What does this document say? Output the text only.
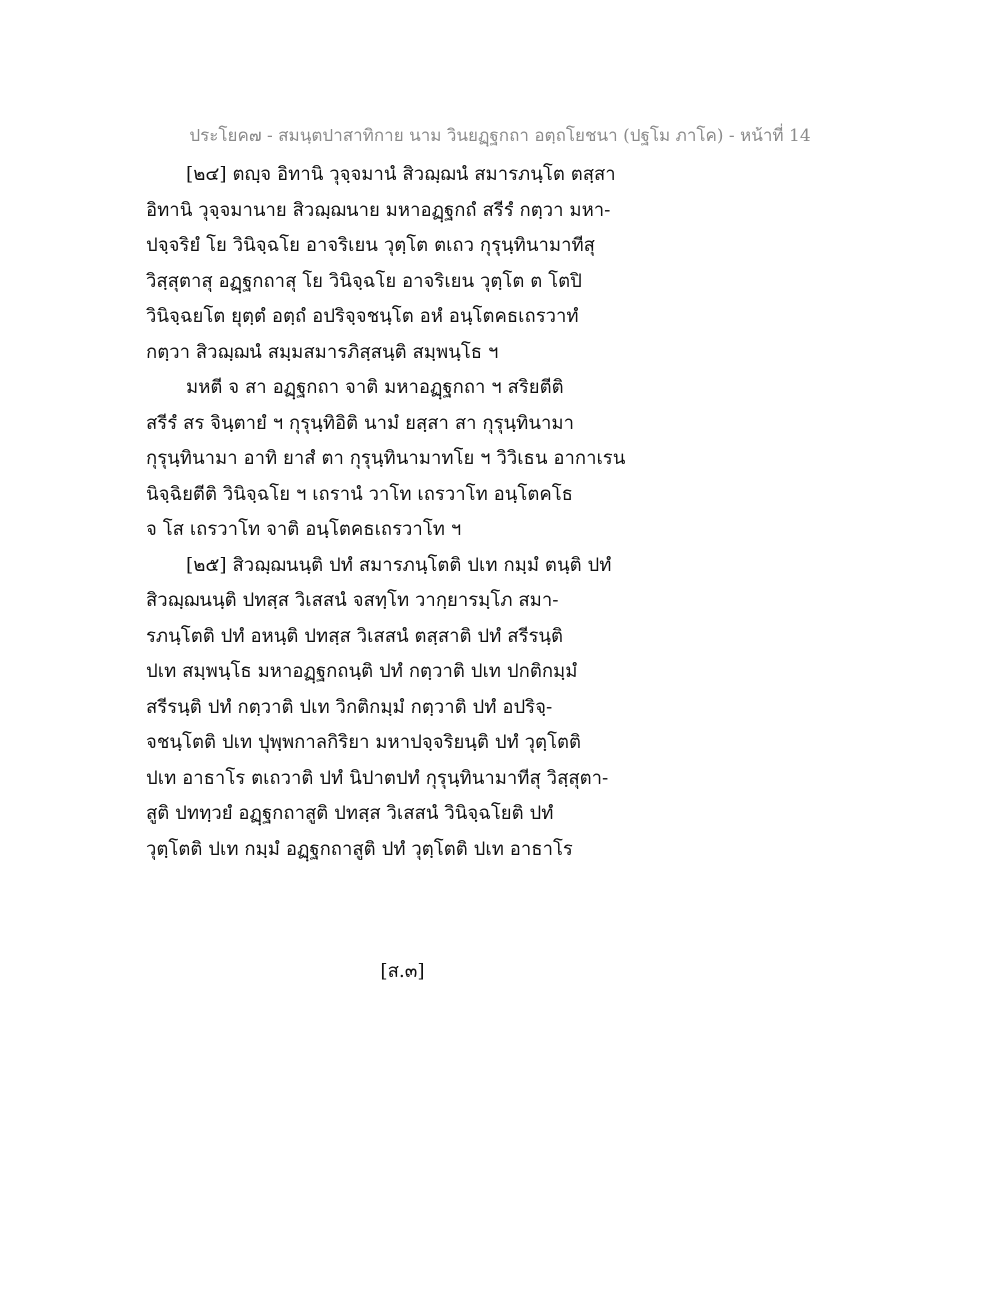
ประโยค๗ - สมนฺตปาสาทิกาย นาม วินยฏฺฐกถา อตฺถโยชนา (ปฐโม ภาโค) - หน้าที่ 14
[๒๔] ตญฺจ อิทานิ วุจฺจมานํ สิวฌฺฌนํ สมารภนฺโต ตสฺสา
อิทานิ วุจฺจมานาย สิวฌฺฌนาย มหาอฏฺฐกถํ สรีรํ กตฺวา มหา-
ปจฺจริยํ โย วินิจฺฉโย อาจริเยน วุตฺโต ตเถว กุรุนฺทินามาทีสุ
วิสฺสุตาสุ อฏฺฐกถาสุ โย วินิจฺฉโย อาจริเยน วุตฺโต ต โตปิ
วินิจฺฉยโต ยุตฺตํ อตฺถํ อปริจฺจชนฺโต อหํ อนฺโตคธเถรวาทํ
กตฺวา สิวฌฺฌนํ สมฺมสมารภิสฺสนฺติ สมฺพนฺโธ ฯ
มหตี จ สา อฏฺฐกถา จาติ มหาอฏฺฐกถา ฯ สริยตีติ
สรีรํ สร จินฺตายํ ฯ กุรุนฺทิอิติ นามํ ยสฺสา สา กุรุนฺทินามา
กุรุนฺทินามา อาทิ ยาสํ ตา กุรุนฺทินามาทโย ฯ วิวิเธน อากาเรน
นิจฺฉิยตีติ วินิจฺฉโย ฯ เถรานํ วาโท เถรวาโท อนฺโตคโธ
จ โส เถรวาโท จาติ อนฺโตคธเถรวาโท ฯ
[๒๕] สิวฌฺฌนนฺติ ปทํ สมารภนฺโตติ ปเท กมฺมํ ตนฺติ ปทํ
สิวฌฺฌนนฺติ ปทสฺส วิเสสนํ จสทฺโท วากฺยารมฺโภ สมา-
รภนฺโตติ ปทํ อหนฺติ ปทสฺส วิเสสนํ ตสฺสาติ ปทํ สรีรนฺติ
ปเท สมฺพนฺโธ มหาอฏฺฐกถนฺติ ปทํ กตฺวาติ ปเท ปกติกมฺมํ
สรีรนฺติ ปทํ กตฺวาติ ปเท วิกติกมฺมํ กตฺวาติ ปทํ อปริจฺ-
จชนฺโตติ ปเท ปุพฺพกาลกิริยา มหาปจฺจริยนฺติ ปทํ วุตฺโตติ
ปเท อาธาโร ตเถวาติ ปทํ นิปาตปทํ กุรุนฺทินามาทีสุ วิสฺสุตา-
สูติ ปททฺวยํ อฏฺฐกถาสูติ ปทสฺส วิเสสนํ วินิจฺฉโยติ ปทํ
วุตฺโตติ ปเท กมฺมํ อฏฺฐกถาสูติ ปทํ วุตฺโตติ ปเท อาธาโร
[ส.๓]
